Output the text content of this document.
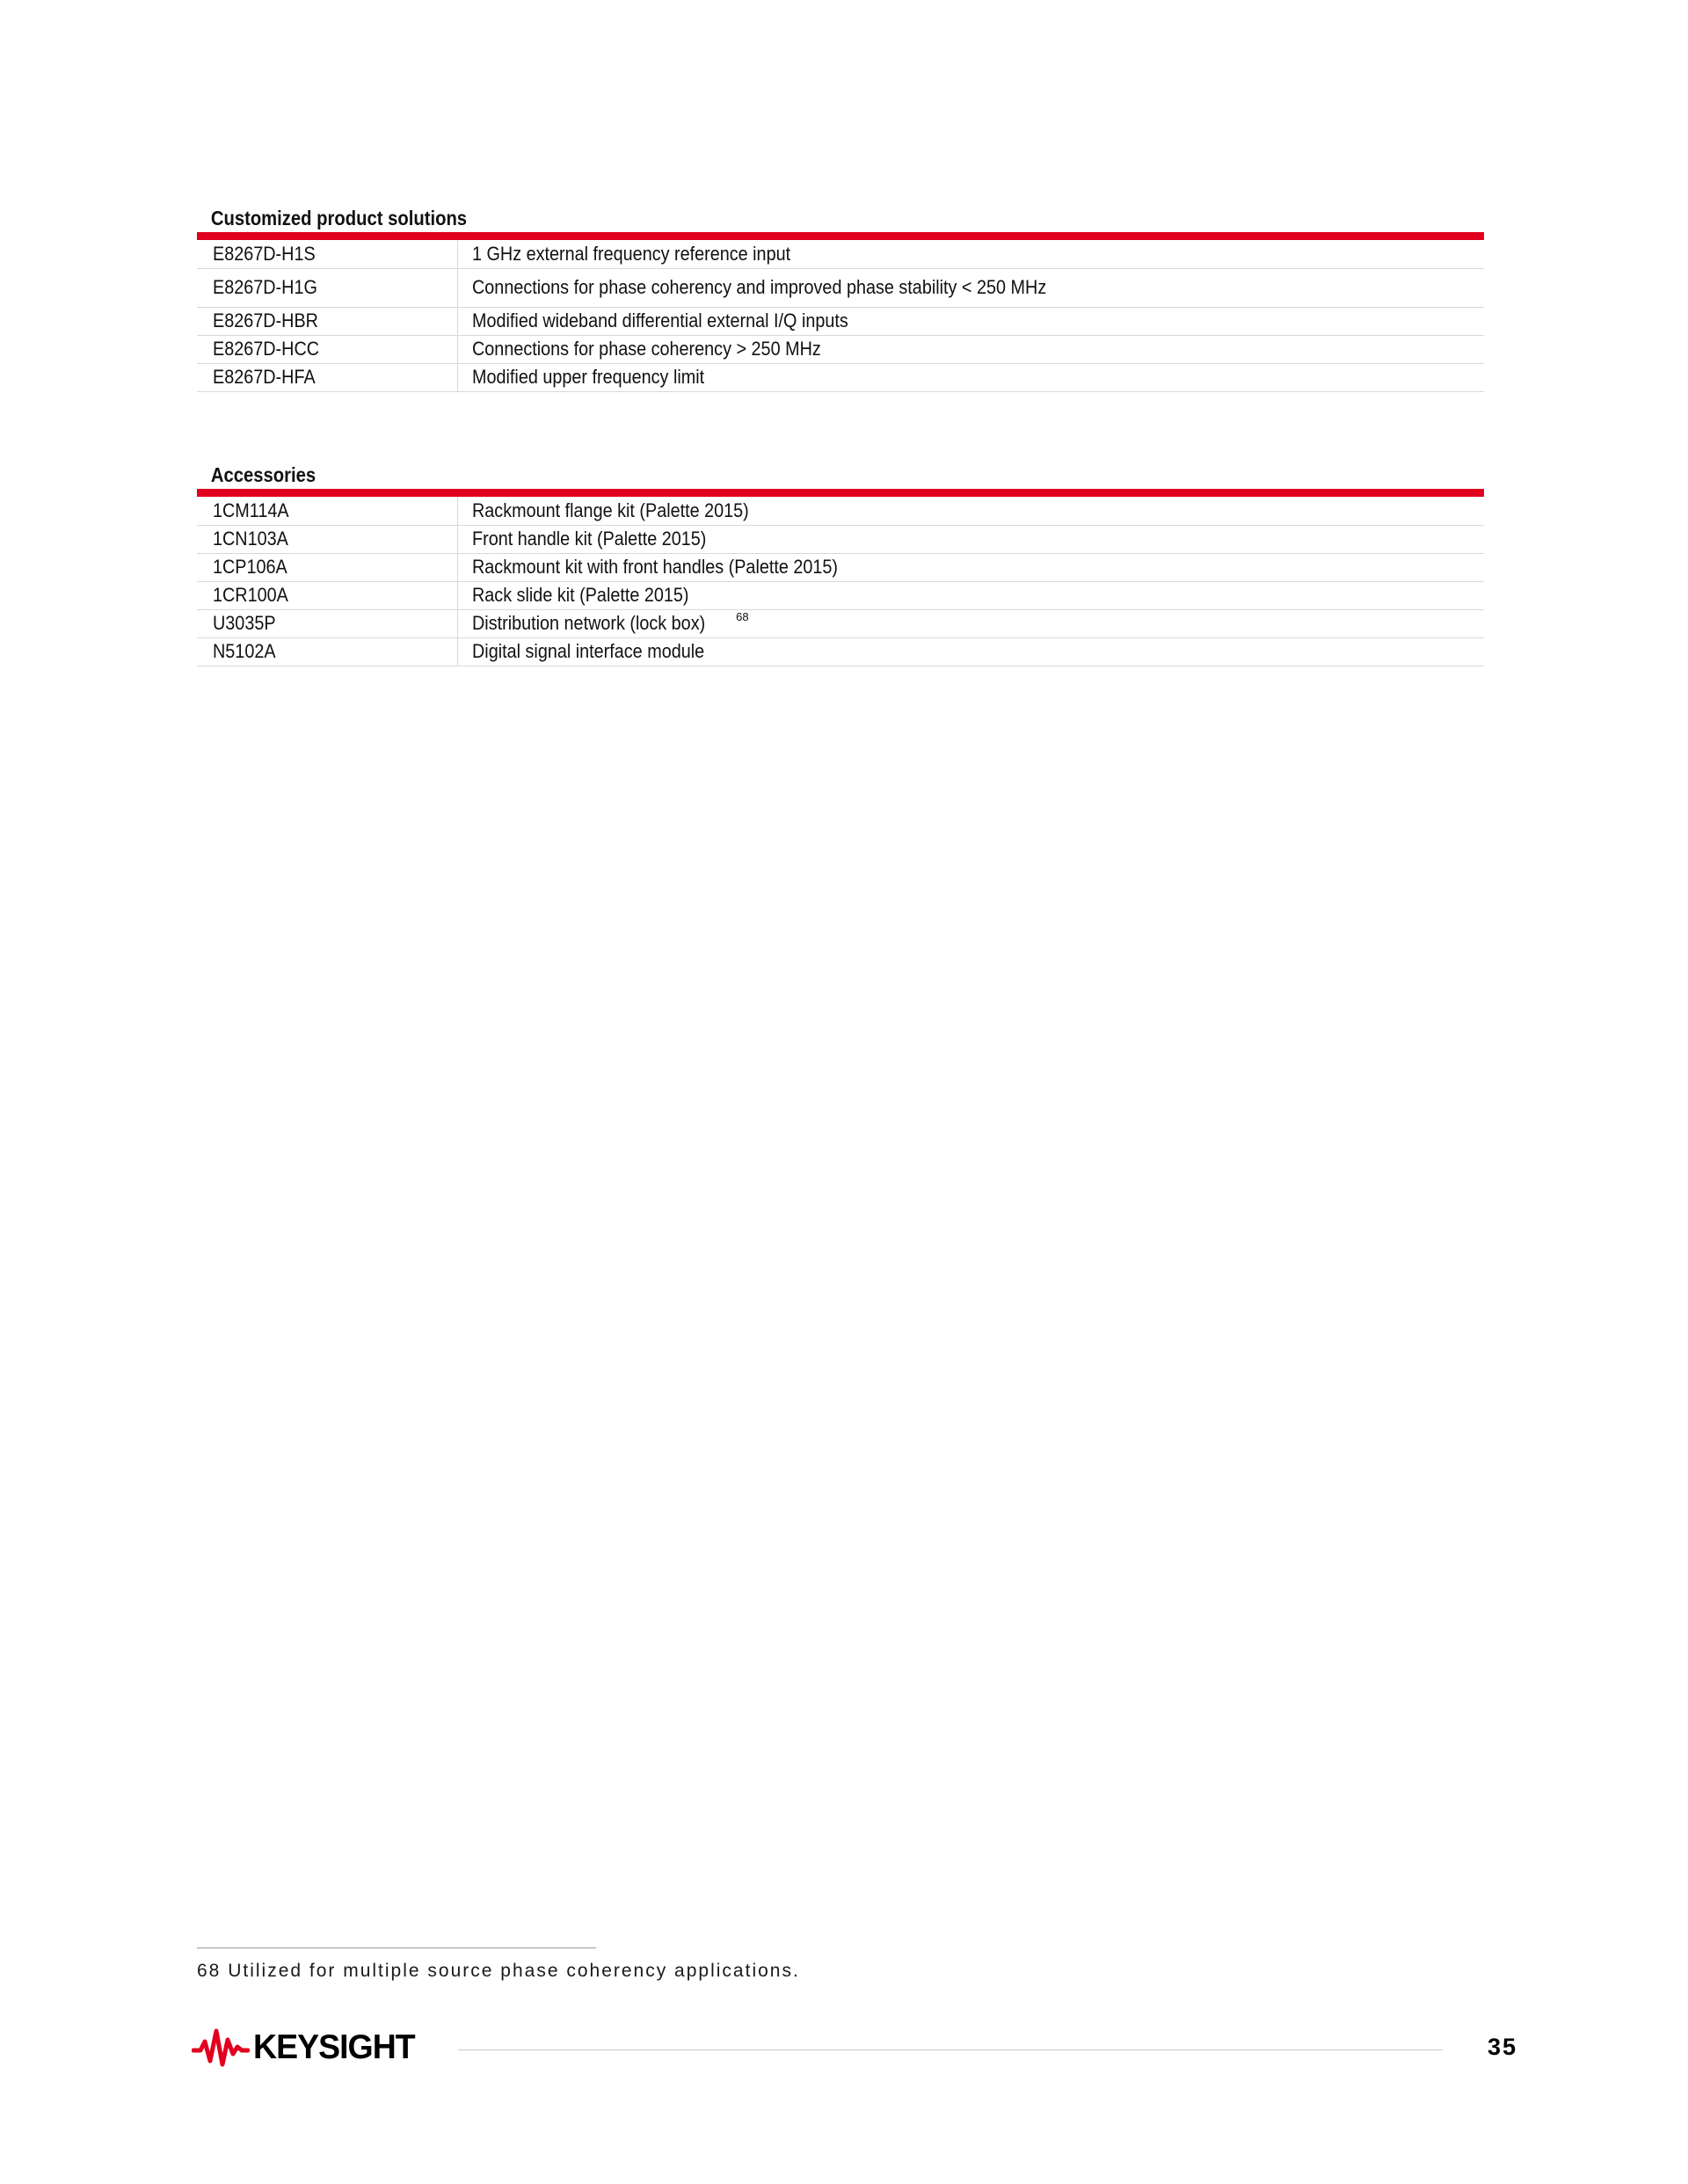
Customized product solutions
E8267D-H1S	1 GHz external frequency reference input
E8267D-H1G	Connections for phase coherency and improved phase stability < 250 MHz
E8267D-HBR	Modified wideband differential external I/Q inputs
E8267D-HCC	Connections for phase coherency > 250 MHz
E8267D-HFA	Modified upper frequency limit
Accessories
1CM114A	Rackmount flange kit (Palette 2015)
1CN103A	Front handle kit (Palette 2015)
1CP106A	Rackmount kit with front handles (Palette 2015)
1CR100A	Rack slide kit (Palette 2015)
U3035P	Distribution network (lock box) $^{68}$
N5102A	Digital signal interface module
68 Utilized for multiple source phase coherency applications.
KEYSIGHT	35
